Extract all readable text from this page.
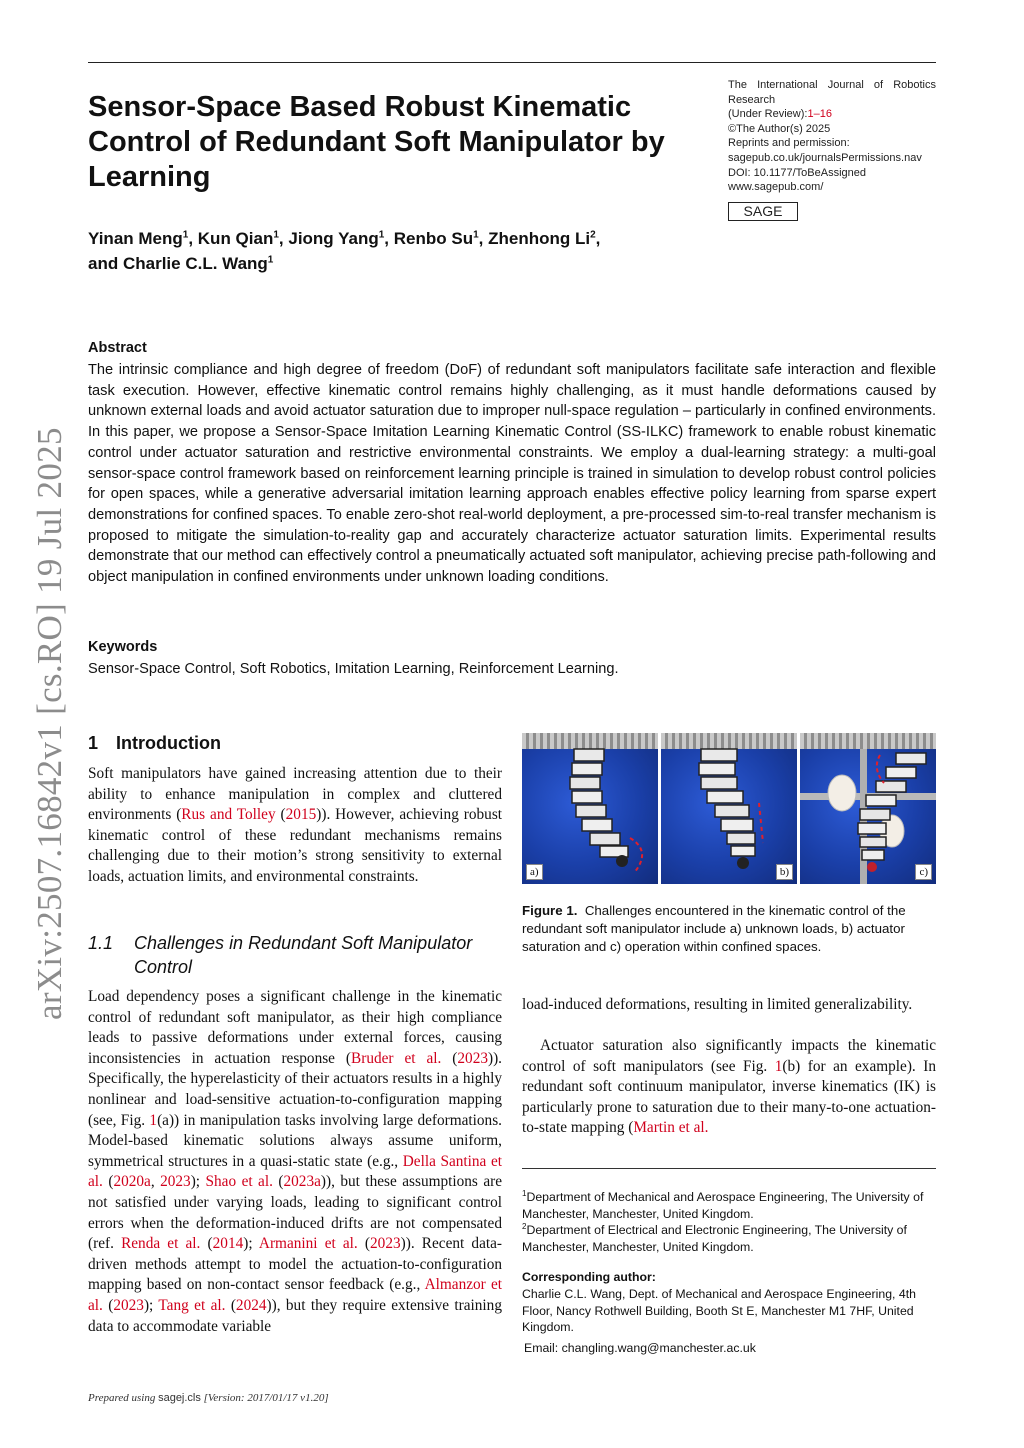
Sensor-Space Based Robust Kinematic Control of Redundant Soft Manipulator by Learning
The International Journal of Robotics
Research
(Under Review):1–16
©The Author(s) 2025
Reprints and permission:
sagepub.co.uk/journalsPermissions.nav
DOI: 10.1177/ToBeAssigned
www.sagepub.com/
SAGE
Yinan Meng$^1$, Kun Qian$^1$, Jiong Yang$^1$, Renbo Su$^1$, Zhenhong Li$^2$,
and Charlie C.L. Wang$^1$
Abstract

The intrinsic compliance and high degree of freedom (DoF) of redundant soft manipulators facilitate safe interaction and flexible task execution. However, effective kinematic control remains highly challenging, as it must handle deformations caused by unknown external loads and avoid actuator saturation due to improper null-space regulation – particularly in confined environments. In this paper, we propose a Sensor-Space Imitation Learning Kinematic Control (SS-ILKC) framework to enable robust kinematic control under actuator saturation and restrictive environmental constraints. We employ a dual-learning strategy: a multi-goal sensor-space control framework based on reinforcement learning principle is trained in simulation to develop robust control policies for open spaces, while a generative adversarial imitation learning approach enables effective policy learning from sparse expert demonstrations for confined spaces. To enable zero-shot real-world deployment, a pre-processed sim-to-real transfer mechanism is proposed to mitigate the simulation-to-reality gap and accurately characterize actuator saturation limits. Experimental results demonstrate that our method can effectively control a pneumatically actuated soft manipulator, achieving precise path-following and object manipulation in confined environments under unknown loading conditions.

Keywords
Sensor-Space Control, Soft Robotics, Imitation Learning, Reinforcement Learning.
arXiv:2507.16842v1 [cs.RO] 19 Jul 2025 1 Introduction

Soft manipulators have gained increasing attention due to their ability to enhance manipulation in complex and cluttered environments (Rus and Tolley (2015)). However, achieving robust kinematic control of these redundant mechanisms remains challenging due to their motion’s strong sensitivity to external loads, actuation limits, and environmental constraints.

1.1 Challenges in Redundant Soft Manipulator
Control

Load dependency poses a significant challenge in the kinematic control of redundant soft manipulator, as their high compliance leads to passive deformations under external forces, causing inconsistencies in actuation response (Bruder et al. (2023)). Specifically, the hyperelasticity of their actuators results in a highly nonlinear and load-sensitive actuation-to-configuration mapping (see, Fig. 1(a)) in manipulation tasks involving large deformations. Model-based kinematic solutions always assume uniform, symmetrical structures in a quasi-static state (e.g., Della Santina et al. (2020a, 2023); Shao et al. (2023a)), but these assumptions are not satisfied under varying loads, leading to significant control errors when the deformation-induced drifts are not compensated (ref. Renda et al. (2014); Armanini et al. (2023)). Recent data-driven methods attempt to model the actuation-to-configuration mapping based on non-contact sensor feedback (e.g., Almanzor et al. (2023); Tang et al. (2024)), but they require extensive training data to accommodate variable

a)	b)	c)

Figure 1. Challenges encountered in the kinematic control of the redundant soft manipulator include a) unknown loads, b) actuator saturation and c) operation within confined spaces.

load-induced deformations, resulting in limited generalizability.

Actuator saturation also significantly impacts the kinematic control of soft manipulators (see Fig. 1(b) for an example). In redundant soft continuum manipulator, inverse kinematics (IK) is particularly prone to saturation due to their many-to-one actuation-to-state mapping (Martin et al.

$^1$Department of Mechanical and Aerospace Engineering, The University of Manchester, Manchester, United Kingdom.

$^2$Department of Electrical and Electronic Engineering, The University of Manchester, Manchester, United Kingdom.

Corresponding author:

Charlie C.L. Wang, Dept. of Mechanical and Aerospace Engineering, 4th Floor, Nancy Rothwell Building, Booth St E, Manchester M1 7HF, United Kingdom.

Email: changling.wang@manchester.ac.uk

Prepared using sagej.cls [Version: 2017/01/17 v1.20]
